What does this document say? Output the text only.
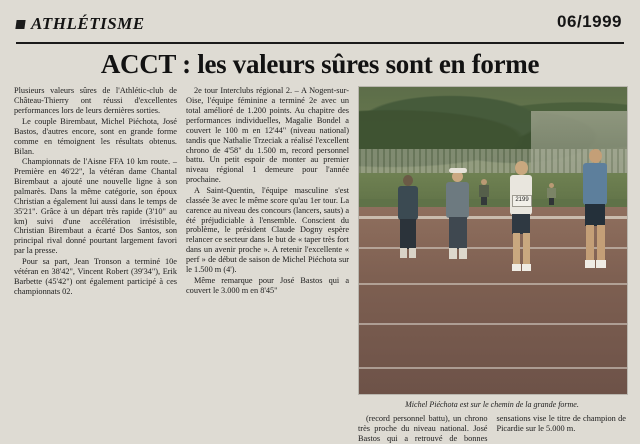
ATHLÉTISME	06/1999
ACCT : les valeurs sûres sont en forme

Plusieurs valeurs sûres de l'Athlétic-club de Château-Thierry ont réussi d'excellentes performances lors de leurs dernières sorties.

Le couple Birembaut, Michel Piéchota, José Bastos, d'autres encore, sont en grande forme comme en témoignent les résultats obtenus. Bilan.

Championnats de l'Aisne FFA 10 km route. – Première en 46'22", la vétéran dame Chantal Birembaut a ajouté une nouvelle ligne à son palmarès. Dans la même catégorie, son époux Christian a également lui aussi dans le temps de 35'21". Grâce à un départ très rapide (3'10" au km) suivi d'une accélération irrésistible, Christian Birembaut a écarté Dos Santos, son principal rival donné pourtant largement favori par la presse.

Pour sa part, Jean Tronson a terminé 10e vétéran en 38'42", Vincent Robert (39'34"), Erik Barbette (45'42") ont également participé à ces championnats 02.

2e tour Interclubs régional 2. – A Nogent-sur-Oise, l'équipe féminine a terminé 2e avec un total amélioré de 1.200 points. Au chapitre des performances individuelles, Magalie Bondel a couvert le 100 m en 12'44" (niveau national) tandis que Nathalie Trzeciak a réalisé l'excellent chrono de 4'58" du 1.500 m, record personnel battu. Un petit espoir de monter au premier niveau régional 1 demeure pour l'année prochaine.

A Saint-Quentin, l'équipe masculine s'est classée 3e avec le même score qu'au 1er tour. La carence au niveau des concours (lancers, sauts) a été préjudiciable à l'ensemble. Conscient du problème, le président Claude Dogny espère relancer ce secteur dans le but de « taper très fort dans un avenir proche ». A retenir l'excellente « perf » de début de saison de Michel Piéchota sur le 1.500 m (4').

Même remarque pour José Bastos qui a couvert le 3.000 m en 8'45"

2199
Michel Piéchota est sur le chemin de la grande forme.

(record personnel battu), un chrono très proche du niveau national. José Bastos qui a retrouvé de bonnes sensations vise le titre de champion de Picardie sur le 5.000 m.
